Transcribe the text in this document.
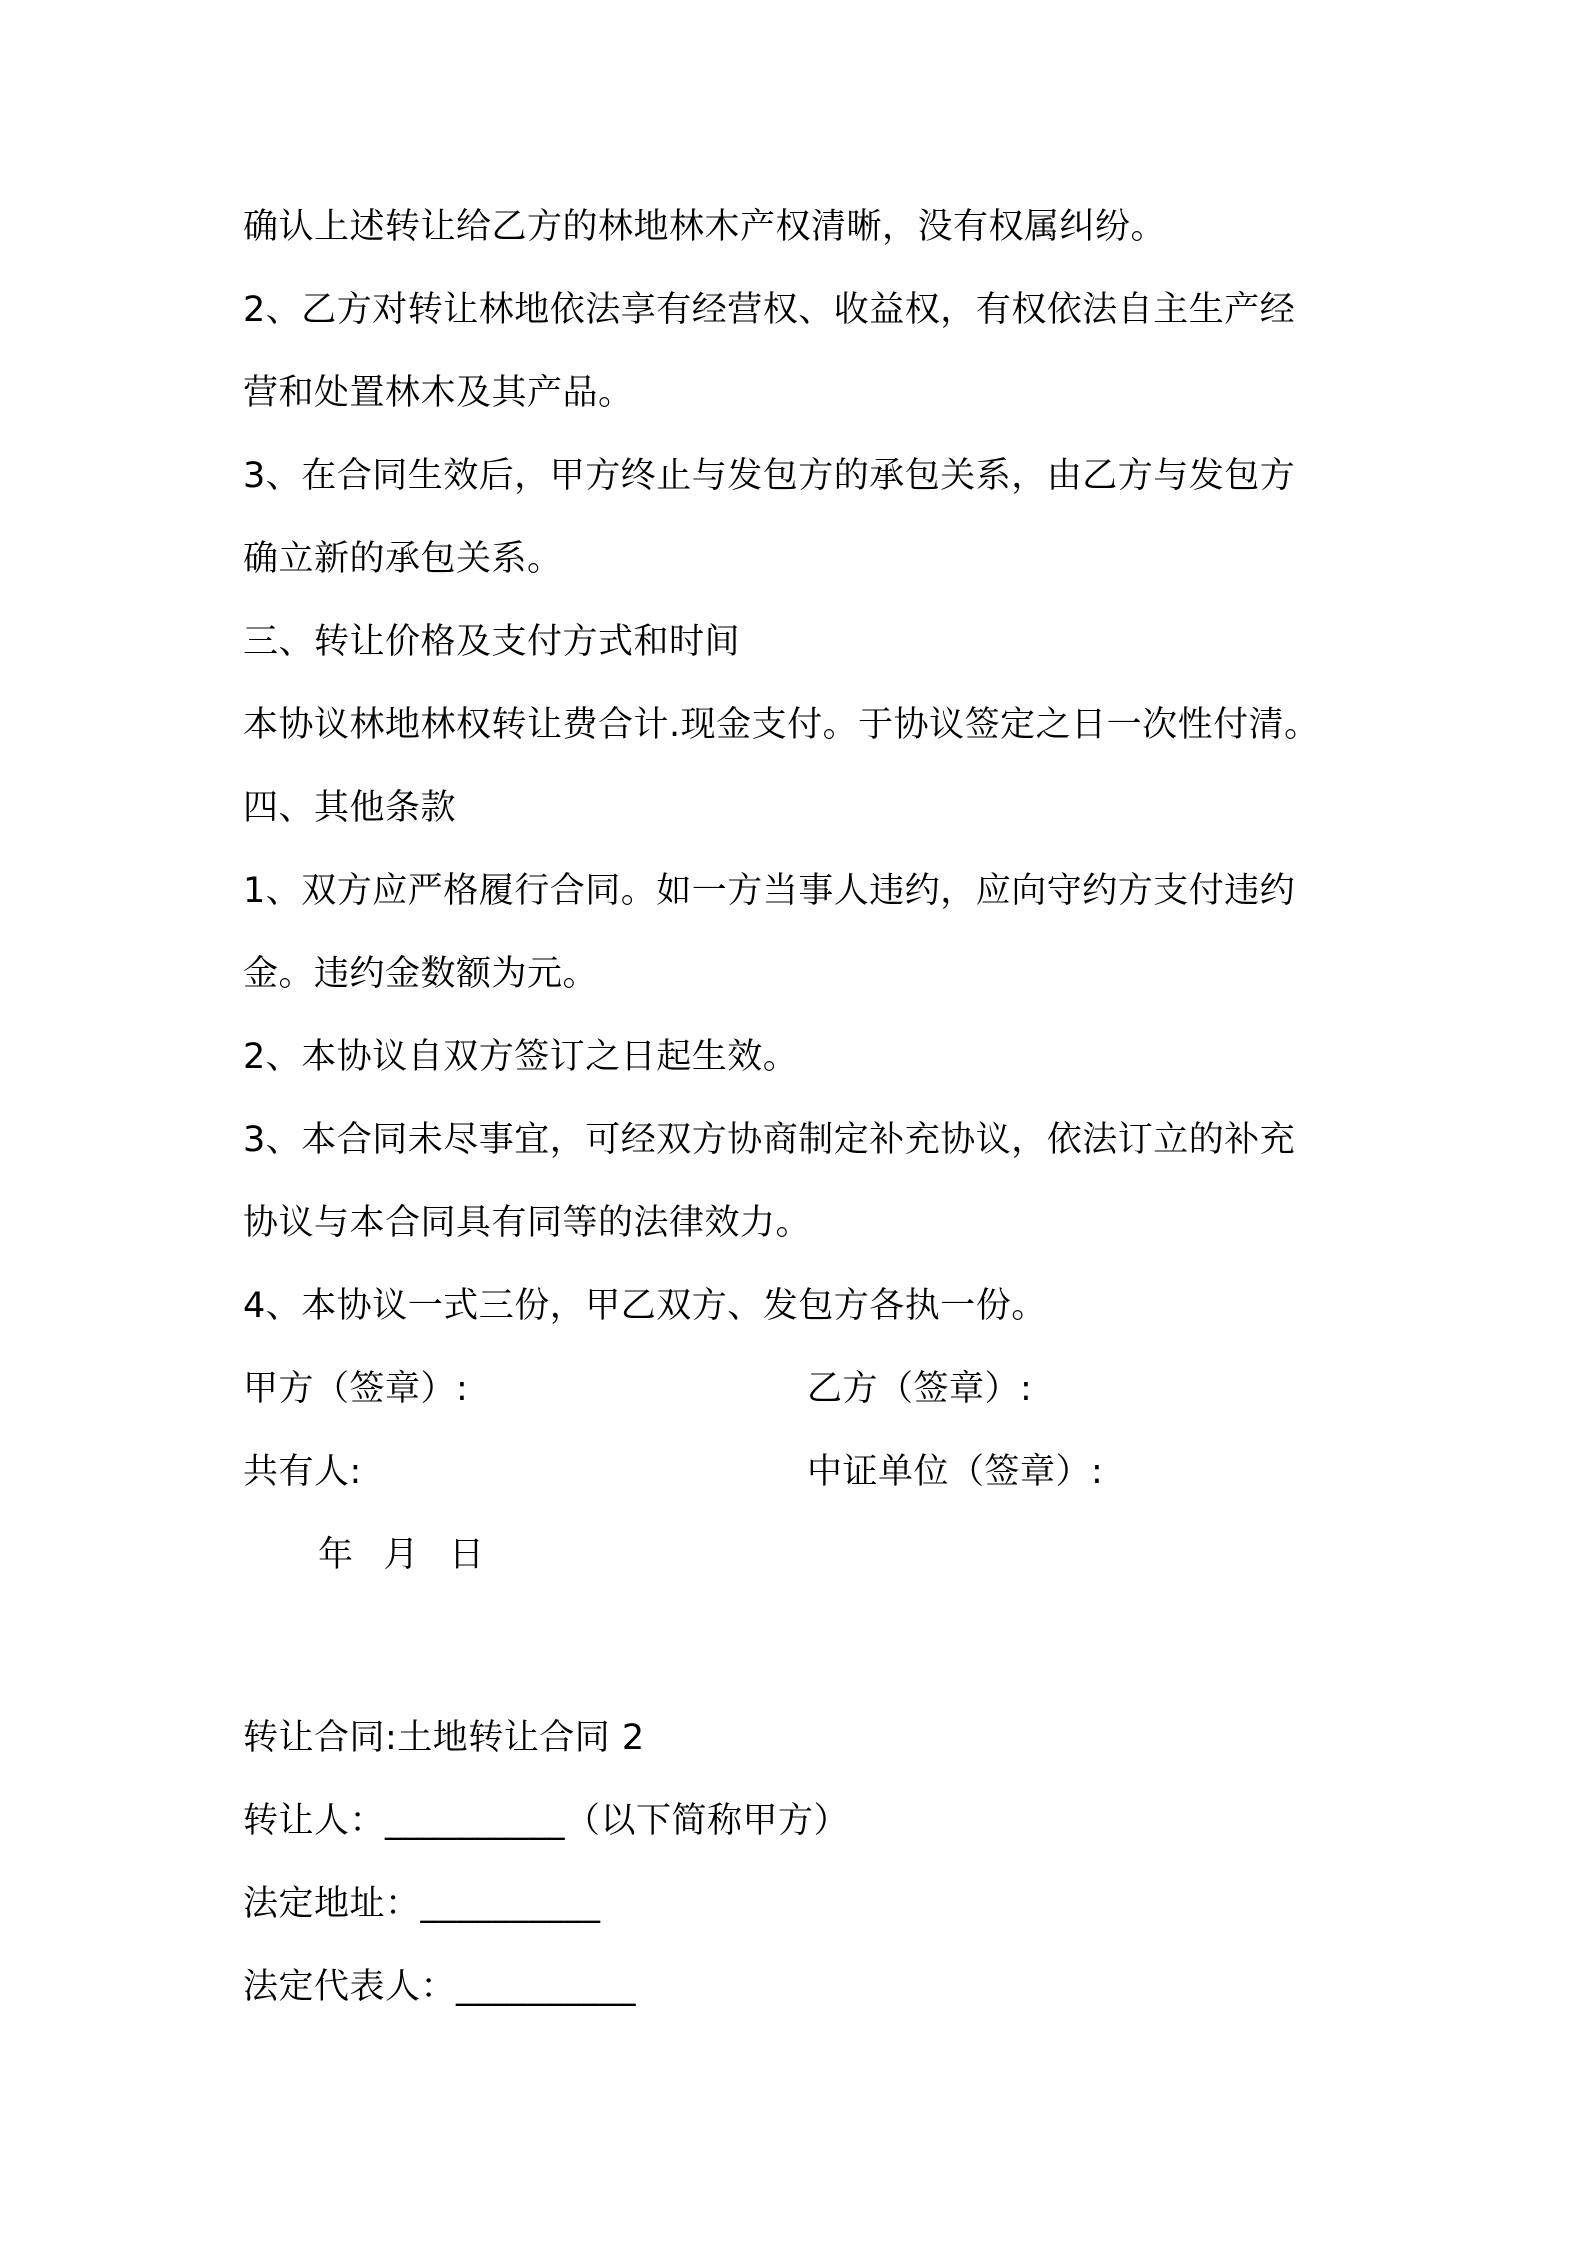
确认上述转让给乙方的林地林木产权清晰，没有权属纠纷。

2、乙方对转让林地依法享有经营权、收益权，有权依法自主生产经

营和处置林木及其产品。

3、在合同生效后，甲方终止与发包方的承包关系，由乙方与发包方

确立新的承包关系。

三、转让价格及支付方式和时间

本协议林地林权转让费合计.现金支付。于协议签定之日一次性付清。

四、其他条款

1、双方应严格履行合同。如一方当事人违约，应向守约方支付违约

金。违约金数额为元。

2、本协议自双方签订之日起生效。

3、本合同未尽事宜，可经双方协商制定补充协议，依法订立的补充

协议与本合同具有同等的法律效力。

4、本协议一式三份，甲乙双方、发包方各执一份。

甲方（签章）:	乙方（签章）:

共有人:	中证单位（签章）:

年 月 日

转让合同:土地转让合同 2

转让人：__________（以下简称甲方）

法定地址：__________

法定代表人：__________
